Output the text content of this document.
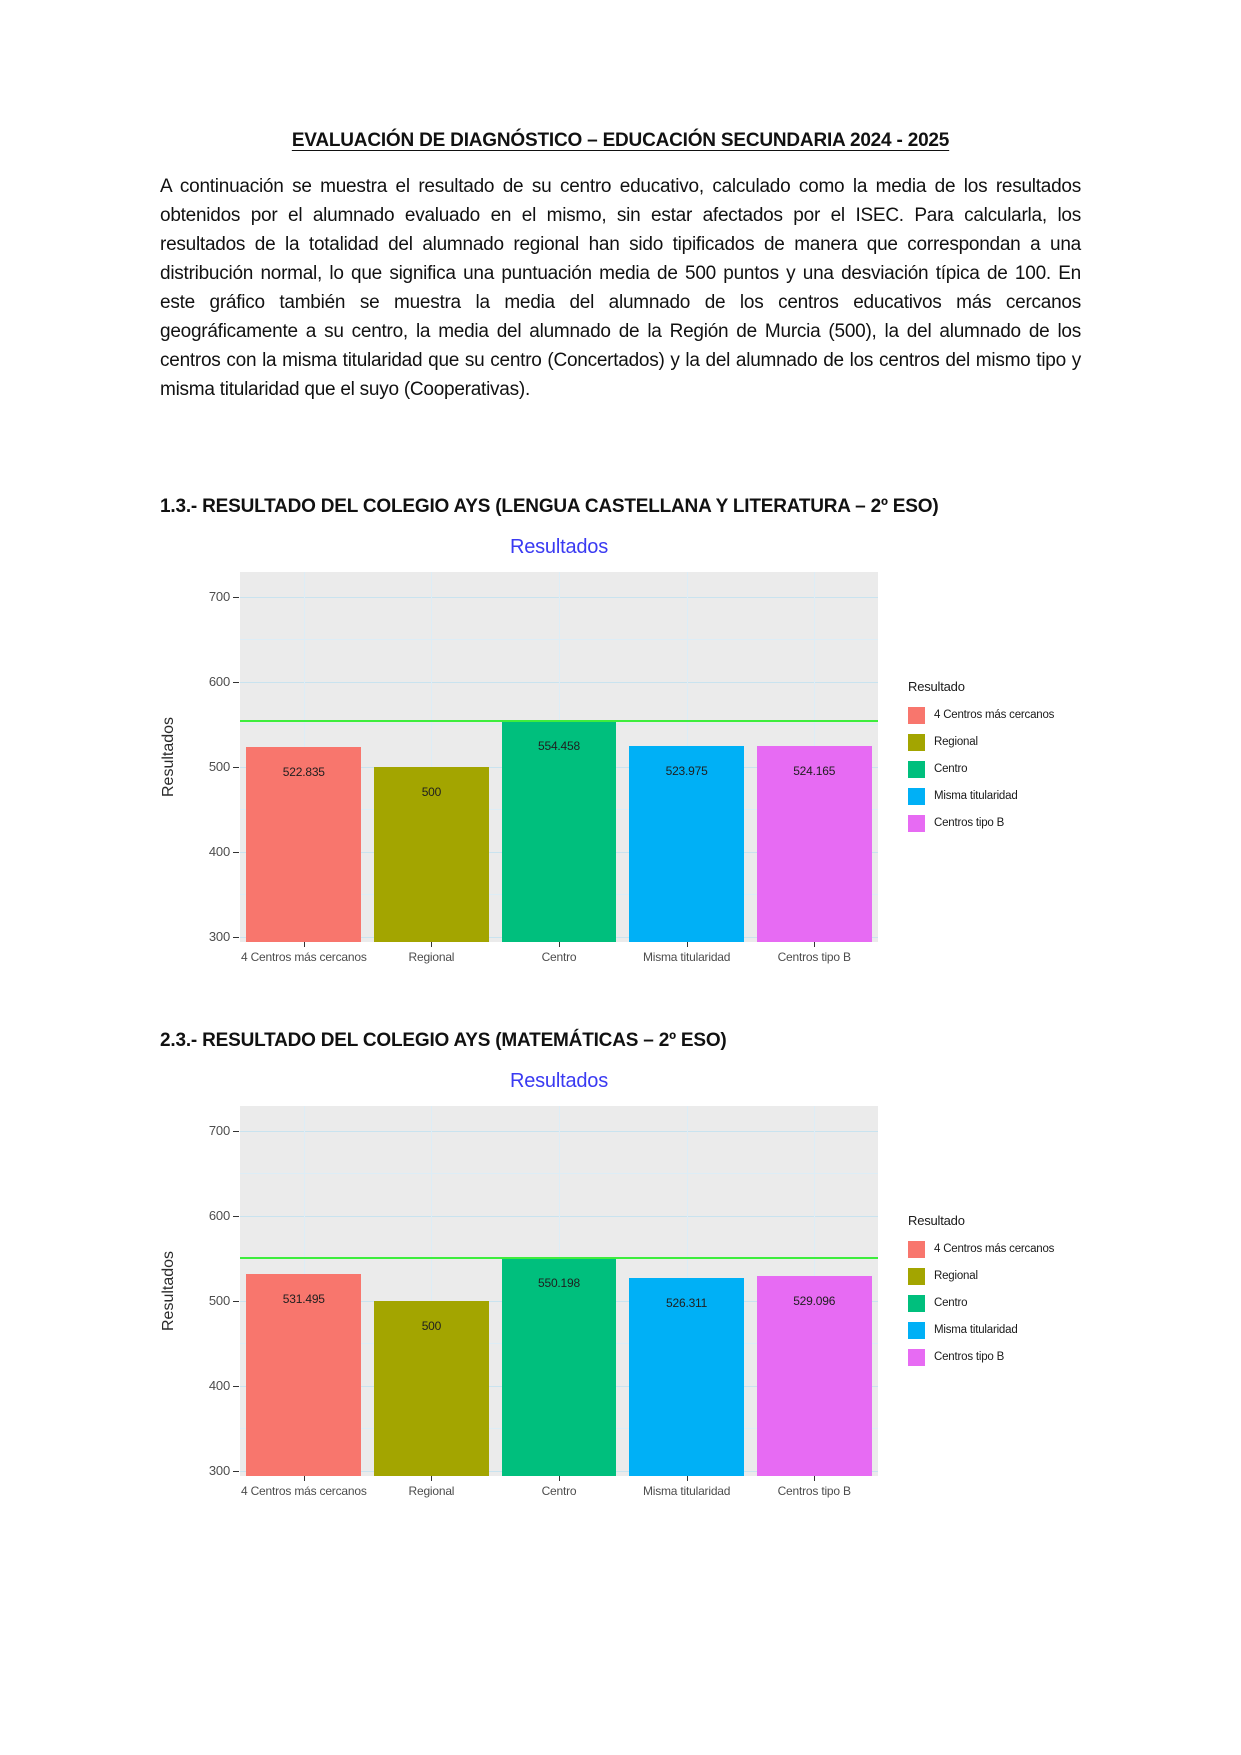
EVALUACIÓN DE DIAGNÓSTICO – EDUCACIÓN SECUNDARIA 2024 - 2025

A continuación se muestra el resultado de su centro educativo, calculado como la media de los resultados obtenidos por el alumnado evaluado en el mismo, sin estar afectados por el ISEC. Para calcularla, los resultados de la totalidad del alumnado regional han sido tipificados de manera que correspondan a una distribución normal, lo que significa una puntuación media de 500 puntos y una desviación típica de 100. En este gráfico también se muestra la media del alumnado de los centros educativos más cercanos geográficamente a su centro, la media del alumnado de la Región de Murcia (500), la del alumnado de los centros con la misma titularidad que su centro (Concertados) y la del alumnado de los centros del mismo tipo y misma titularidad que el suyo (Cooperativas).

1.3.- RESULTADO DEL COLEGIO AYS (LENGUA CASTELLANA Y LITERATURA – 2º ESO)
Resultados
Resultados	522.835
500
554.458
523.975	524.165
Resultado
4 Centros más cercanos
Regional
Centro
Misma titularidad
Centros tipo B
300
400
500
600
700
4 Centros más cercanos	Regional	Centro	Misma titularidad	Centros tipo B
2.3.- RESULTADO DEL COLEGIO AYS (MATEMÁTICAS – 2º ESO)
Resultados
Resultados	531.495
500
550.198
526.311	529.096
Resultado
4 Centros más cercanos
Regional
Centro
Misma titularidad
Centros tipo B
300
400
500
600
700
4 Centros más cercanos	Regional	Centro	Misma titularidad	Centros tipo B
